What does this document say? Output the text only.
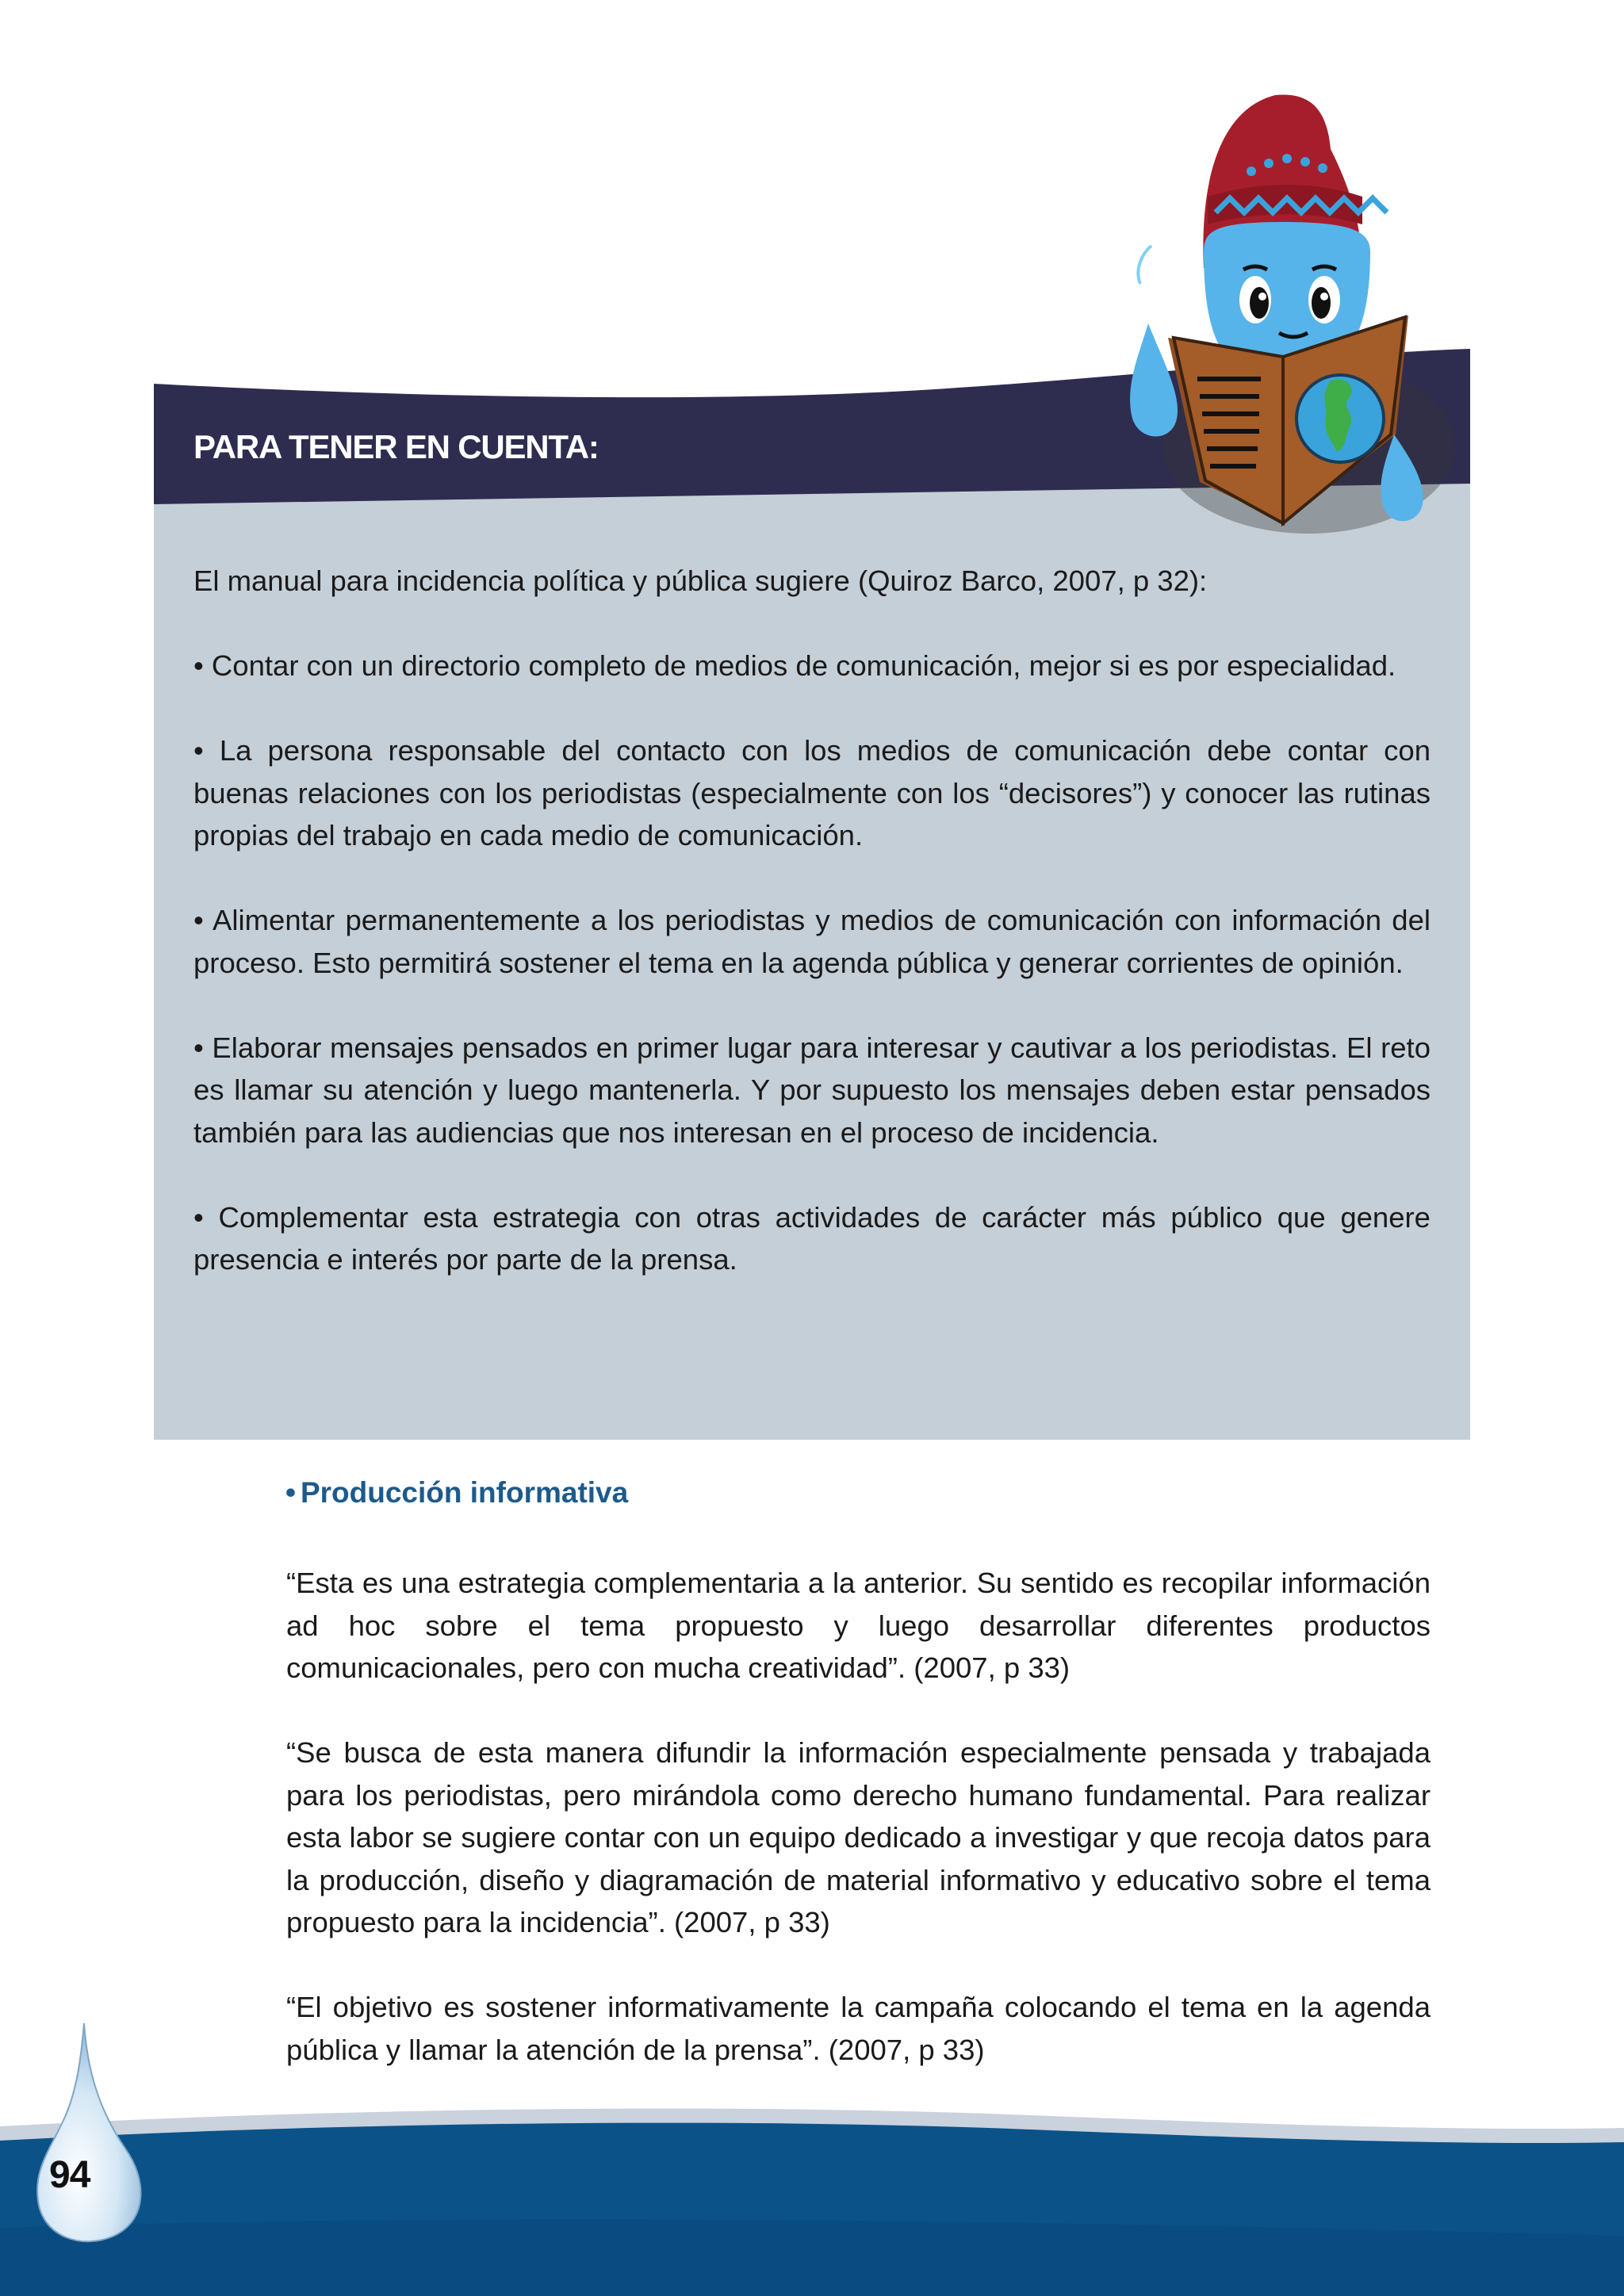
PARA TENER EN CUENTA:

El manual para incidencia política y pública sugiere (Quiroz Barco, 2007, p 32):

• Contar con un directorio completo de medios de comunicación, mejor si es por especialidad.

• La persona responsable del contacto con los medios de comunicación debe contar con buenas relaciones con los periodistas (especialmente con los “decisores”) y conocer las rutinas propias del trabajo en cada medio de comunicación.

• Alimentar permanentemente a los periodistas y medios de comunicación con información del proceso. Esto permitirá sostener el tema en la agenda pública y generar corrientes de opinión.

• Elaborar mensajes pensados en primer lugar para interesar y cautivar a los periodistas. El reto es llamar su atención y luego mantenerla. Y por supuesto los mensajes deben estar pensados también para las audiencias que nos interesan en el proceso de incidencia.

• Complementar esta estrategia con otras actividades de carácter más público que genere presencia e interés por parte de la prensa.

• Producción informativa

“Esta es una estrategia complementaria a la anterior. Su sentido es recopilar información ad hoc sobre el tema propuesto y luego desarrollar diferentes productos comunicacionales, pero con mucha creatividad”. (2007, p 33)

“Se busca de esta manera difundir la información especialmente pensada y trabajada para los periodistas, pero mirándola como derecho humano fundamental. Para realizar esta labor se sugiere contar con un equipo dedicado a investigar y que recoja datos para la producción, diseño y diagramación de material informativo y educativo sobre el tema propuesto para la incidencia”. (2007, p 33)

“El objetivo es sostener informativamente la campaña colocando el tema en la agenda pública y llamar la atención de la prensa”. (2007, p 33)

94
